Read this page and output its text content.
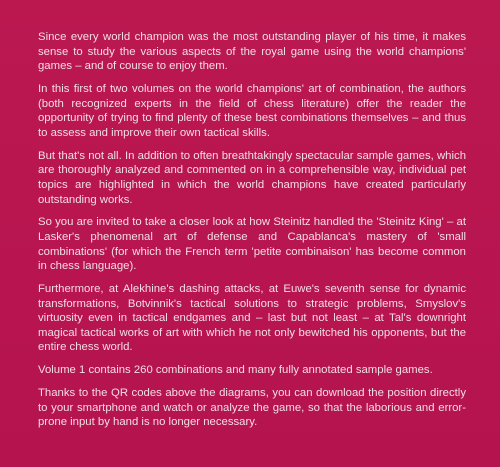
Since every world champion was the most outstanding player of his time, it makes sense to study the various aspects of the royal game using the world champions' games – and of course to enjoy them.

In this first of two volumes on the world champions' art of combination, the authors (both recognized experts in the field of chess literature) offer the reader the opportunity of trying to find plenty of these best combinations themselves – and thus to assess and improve their own tactical skills.

But that's not all. In addition to often breathtakingly spectacular sample games, which are thoroughly analyzed and commented on in a comprehensible way, individual pet topics are highlighted in which the world champions have created particularly outstanding works.

So you are invited to take a closer look at how Steinitz handled the 'Steinitz King' – at Lasker's phenomenal art of defense and Capablanca's mastery of 'small combinations' (for which the French term 'petite combinaison' has become common in chess language).

Furthermore, at Alekhine's dashing attacks, at Euwe's seventh sense for dynamic transformations, Botvinnik's tactical solutions to strategic problems, Smyslov's virtuosity even in tactical endgames and – last but not least – at Tal's downright magical tactical works of art with which he not only bewitched his opponents, but the entire chess world.

Volume 1 contains 260 combinations and many fully annotated sample games.

Thanks to the QR codes above the diagrams, you can download the position directly to your smartphone and watch or analyze the game, so that the laborious and error-prone input by hand is no longer necessary.
